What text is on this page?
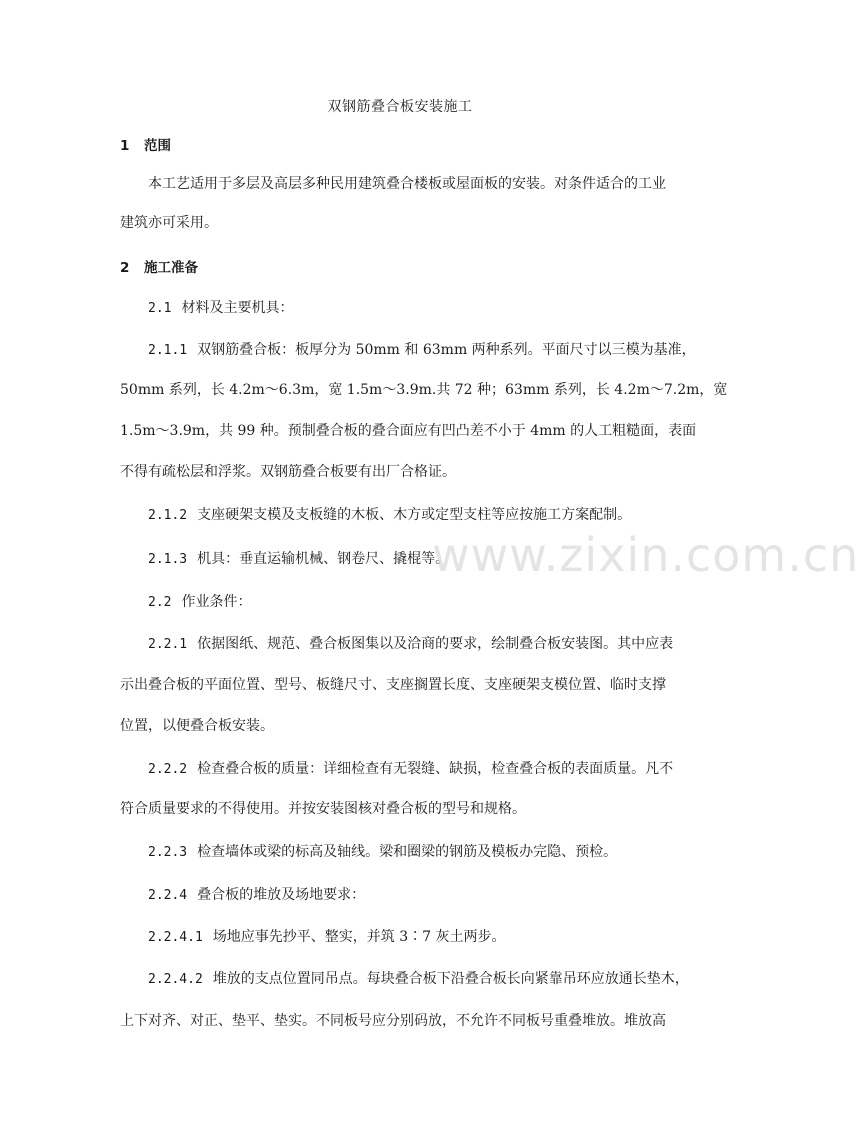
双钢筋叠合板安装施工
1 范围
本工艺适用于多层及高层多种民用建筑叠合楼板或屋面板的安装。对条件适合的工业
建筑亦可采用。
2 施工准备
2.1 材料及主要机具：
2.1.1 双钢筋叠合板：板厚分为 50mm 和 63mm 两种系列。平面尺寸以三模为基准，
50mm 系列，长 4.2m～6.3m，宽 1.5m～3.9m.共 72 种；63mm 系列，长 4.2m～7.2m，宽
1.5m～3.9m，共 99 种。预制叠合板的叠合面应有凹凸差不小于 4mm 的人工粗糙面，表面
不得有疏松层和浮浆。双钢筋叠合板要有出厂合格证。
2.1.2 支座硬架支模及支板缝的木板、木方或定型支柱等应按施工方案配制。
2.1.3 机具：垂直运输机械、钢卷尺、撬棍等。
2.2 作业条件：
2.2.1 依据图纸、规范、叠合板图集以及洽商的要求，绘制叠合板安装图。其中应表
示出叠合板的平面位置、型号、板缝尺寸、支座搁置长度、支座硬架支模位置、临时支撑
位置，以便叠合板安装。
2.2.2 检查叠合板的质量：详细检查有无裂缝、缺损，检查叠合板的表面质量。凡不
符合质量要求的不得使用。并按安装图核对叠合板的型号和规格。
2.2.3 检查墙体或梁的标高及轴线。梁和圈梁的钢筋及模板办完隐、预检。
2.2.4 叠合板的堆放及场地要求：
2.2.4.1 场地应事先抄平、整实，并筑 3∶7 灰土两步。
2.2.4.2 堆放的支点位置同吊点。每块叠合板下沿叠合板长向紧靠吊环应放通长垫木，
上下对齐、对正、垫平、垫实。不同板号应分别码放，不允许不同板号重叠堆放。堆放高
www.zixin.com.cn
